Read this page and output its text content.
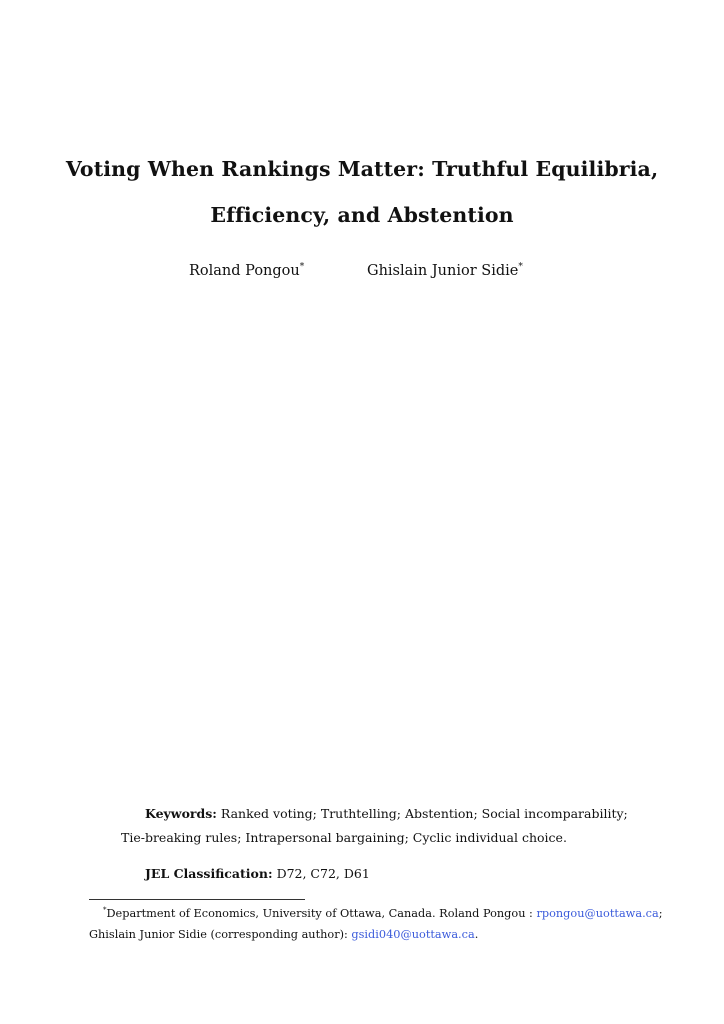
Voting When Rankings Matter: Truthful Equilibria,
Efficiency, and Abstention
Roland Pongou*	Ghislain Junior Sidie*
Keywords: Ranked voting; Truthtelling; Abstention; Social incomparability;
Tie-breaking rules; Intrapersonal bargaining; Cyclic individual choice.
JEL Classification: D72, C72, D61
*Department of Economics, University of Ottawa, Canada. Roland Pongou : rpongou@uottawa.ca;
Ghislain Junior Sidie (corresponding author): gsidi040@uottawa.ca.
